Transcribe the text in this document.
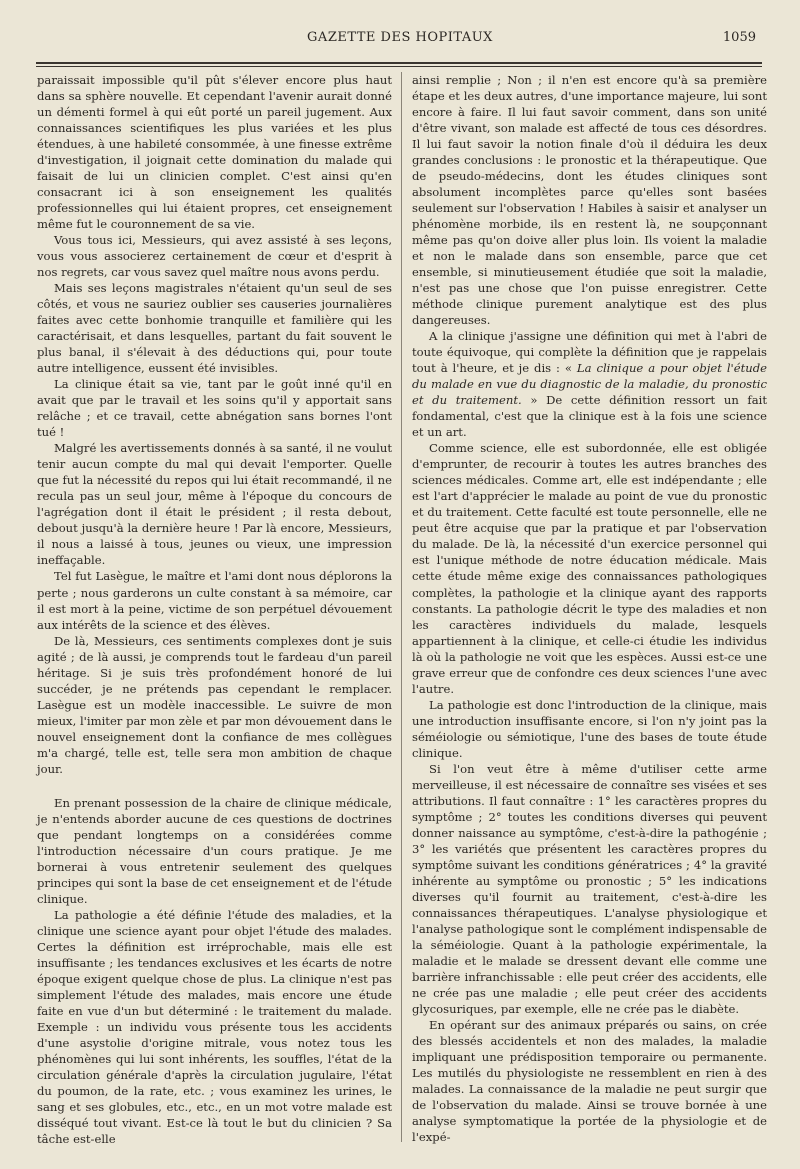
GAZETTE DES HOPITAUX	1059

paraissait impossible qu'il pût s'élever encore plus haut dans sa sphère nouvelle. Et cependant l'avenir aurait donné un démenti formel à qui eût porté un pareil jugement. Aux connaissances scientifiques les plus variées et les plus étendues, à une habileté consommée, à une finesse extrême d'investigation, il joignait cette domination du malade qui faisait de lui un clinicien complet. C'est ainsi qu'en consacrant ici à son enseignement les qualités professionnelles qui lui étaient propres, cet enseignement même fut le couronnement de sa vie.

Vous tous ici, Messieurs, qui avez assisté à ses leçons, vous vous associerez certainement de cœur et d'esprit à nos regrets, car vous savez quel maître nous avons perdu.

Mais ses leçons magistrales n'étaient qu'un seul de ses côtés, et vous ne sauriez oublier ses causeries journalières faites avec cette bonhomie tranquille et familière qui les caractérisait, et dans lesquelles, partant du fait souvent le plus banal, il s'élevait à des déductions qui, pour toute autre intelligence, eussent été invisibles.

La clinique était sa vie, tant par le goût inné qu'il en avait que par le travail et les soins qu'il y apportait sans relâche ; et ce travail, cette abnégation sans bornes l'ont tué !

Malgré les avertissements donnés à sa santé, il ne voulut tenir aucun compte du mal qui devait l'emporter. Quelle que fut la nécessité du repos qui lui était recommandé, il ne recula pas un seul jour, même à l'époque du concours de l'agrégation dont il était le président ; il resta debout, debout jusqu'à la dernière heure ! Par là encore, Messieurs, il nous a laissé à tous, jeunes ou vieux, une impression ineffaçable.

Tel fut Lasègue, le maître et l'ami dont nous déplorons la perte ; nous garderons un culte constant à sa mémoire, car il est mort à la peine, victime de son perpétuel dévouement aux intérêts de la science et des élèves.

De là, Messieurs, ces sentiments complexes dont je suis agité ; de là aussi, je comprends tout le fardeau d'un pareil héritage. Si je suis très profondément honoré de lui succéder, je ne prétends pas cependant le remplacer. Lasègue est un modèle inaccessible. Le suivre de mon mieux, l'imiter par mon zèle et par mon dévouement dans le nouvel enseignement dont la confiance de mes collègues m'a chargé, telle est, telle sera mon ambition de chaque jour.

En prenant possession de la chaire de clinique médicale, je n'entends aborder aucune de ces questions de doctrines que pendant longtemps on a considérées comme l'introduction nécessaire d'un cours pratique. Je me bornerai à vous entretenir seulement des quelques principes qui sont la base de cet enseignement et de l'étude clinique.

La pathologie a été définie l'étude des maladies, et la clinique une science ayant pour objet l'étude des malades. Certes la définition est irréprochable, mais elle est insuffisante ; les tendances exclusives et les écarts de notre époque exigent quelque chose de plus. La clinique n'est pas simplement l'étude des malades, mais encore une étude faite en vue d'un but déterminé : le traitement du malade. Exemple : un individu vous présente tous les accidents d'une asystolie d'origine mitrale, vous notez tous les phénomènes qui lui sont inhérents, les souffles, l'état de la circulation générale d'après la circulation jugulaire, l'état du poumon, de la rate, etc. ; vous examinez les urines, le sang et ses globules, etc., etc., en un mot votre malade est disséqué tout vivant. Est-ce là tout le but du clinicien ? Sa tâche est-elle

ainsi remplie ; Non ; il n'en est encore qu'à sa première étape et les deux autres, d'une importance majeure, lui sont encore à faire. Il lui faut savoir comment, dans son unité d'être vivant, son malade est affecté de tous ces désordres. Il lui faut savoir la notion finale d'où il déduira les deux grandes conclusions : le pronostic et la thérapeutique. Que de pseudo-médecins, dont les études cliniques sont absolument incomplètes parce qu'elles sont basées seulement sur l'observation ! Habiles à saisir et analyser un phénomène morbide, ils en restent là, ne soupçonnant même pas qu'on doive aller plus loin. Ils voient la maladie et non le malade dans son ensemble, parce que cet ensemble, si minutieusement étudiée que soit la maladie, n'est pas une chose que l'on puisse enregistrer. Cette méthode clinique purement analytique est des plus dangereuses.

A la clinique j'assigne une définition qui met à l'abri de toute équivoque, qui complète la définition que je rappelais tout à l'heure, et je dis : « La clinique a pour objet l'étude du malade en vue du diagnostic de la maladie, du pronostic et du traitement. » De cette définition ressort un fait fondamental, c'est que la clinique est à la fois une science et un art.

Comme science, elle est subordonnée, elle est obligée d'emprunter, de recourir à toutes les autres branches des sciences médicales. Comme art, elle est indépendante ; elle est l'art d'apprécier le malade au point de vue du pronostic et du traitement. Cette faculté est toute personnelle, elle ne peut être acquise que par la pratique et par l'observation du malade. De là, la nécessité d'un exercice personnel qui est l'unique méthode de notre éducation médicale. Mais cette étude même exige des connaissances pathologiques complètes, la pathologie et la clinique ayant des rapports constants. La pathologie décrit le type des maladies et non les caractères individuels du malade, lesquels appartiennent à la clinique, et celle-ci étudie les individus là où la pathologie ne voit que les espèces. Aussi est-ce une grave erreur que de confondre ces deux sciences l'une avec l'autre.

La pathologie est donc l'introduction de la clinique, mais une introduction insuffisante encore, si l'on n'y joint pas la séméiologie ou sémiotique, l'une des bases de toute étude clinique.

Si l'on veut être à même d'utiliser cette arme merveilleuse, il est nécessaire de connaître ses visées et ses attributions. Il faut connaître : 1° les caractères propres du symptôme ; 2° toutes les conditions diverses qui peuvent donner naissance au symptôme, c'est-à-dire la pathogénie ; 3° les variétés que présentent les caractères propres du symptôme suivant les conditions génératrices ; 4° la gravité inhérente au symptôme ou pronostic ; 5° les indications diverses qu'il fournit au traitement, c'est-à-dire les connaissances thérapeutiques. L'analyse physiologique et l'analyse pathologique sont le complément indispensable de la séméiologie. Quant à la pathologie expérimentale, la maladie et le malade se dressent devant elle comme une barrière infranchissable : elle peut créer des accidents, elle ne crée pas une maladie ; elle peut créer des accidents glycosuriques, par exemple, elle ne crée pas le diabète.

En opérant sur des animaux préparés ou sains, on crée des blessés accidentels et non des malades, la maladie impliquant une prédisposition temporaire ou permanente. Les mutilés du physiologiste ne ressemblent en rien à des malades. La connaissance de la maladie ne peut surgir que de l'observation du malade. Ainsi se trouve bornée à une analyse symptomatique la portée de la physiologie et de l'expé-
